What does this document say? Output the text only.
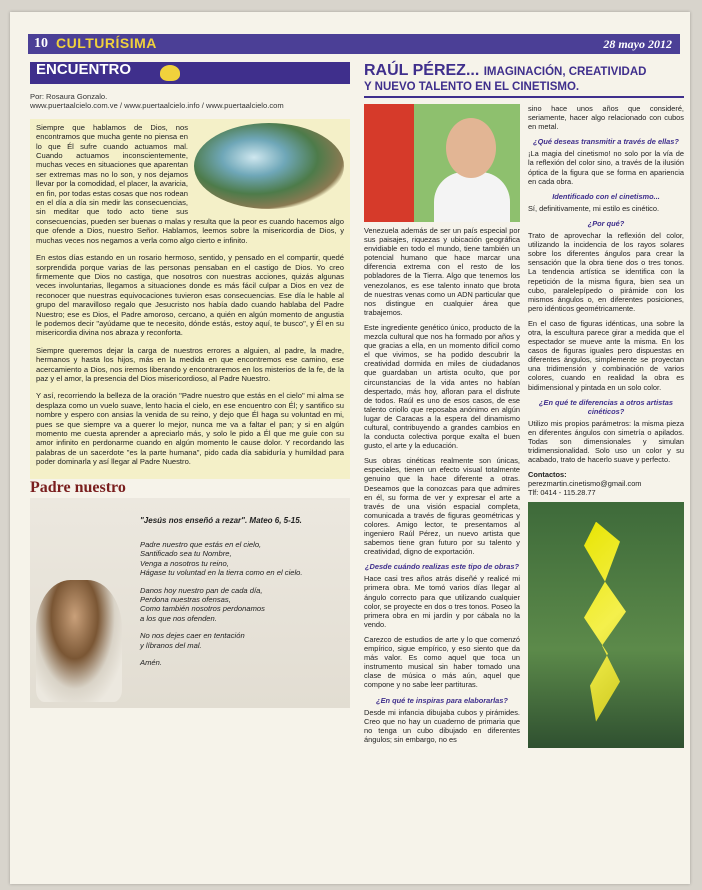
10 CULTURÍSIMA	28 mayo 2012
ENCUENTRO
Por: Rosaura Gonzalo.
www.puertaalcielo.com.ve / www.puertaalcielo.info / www.puertaalcielo.com

Siempre que hablamos de Dios, nos encontramos que mucha gente no piensa en lo que Él sufre cuando actuamos mal. Cuando actuamos inconscientemente, muchas veces en situaciones que aparentan ser extremas mas no lo son, y nos dejamos llevar por la comodidad, el placer, la avaricia, en fin, por todas estas cosas que nos rodean en el día a día sin medir las consecuencias, sin meditar que todo acto tiene sus consecuencias, pueden ser buenas o malas y resulta que la peor es cuando hacemos algo que ofende a Dios, nuestro Señor. Hablamos, leemos sobre la misericordia de Dios, y muchas veces nos negamos a verla como algo cierto e infinito.

En estos días estando en un rosario hermoso, sentido, y pensado en el compartir, quedé sorprendida porque varias de las personas pensaban en el castigo de Dios. Yo creo firmemente que Dios no castiga, que nosotros con nuestras acciones, quizás algunas veces involuntarias, llegamos a situaciones donde es más fácil culpar a Dios en vez de reconocer que nuestras equivocaciones tuvieron esas consecuencias. Ese día le hable al grupo del maravilloso regalo que Jesucristo nos había dado cuando hablaba del Padre Nuestro; ese es Dios, el Padre amoroso, cercano, a quién en algún momento de angustia le podemos decir "ayúdame que te necesito, dónde estás, estoy aquí, te busco", y Él en su misericordia divina nos abraza y reconforta.

Siempre queremos dejar la carga de nuestros errores a alguien, al padre, la madre, hermanos y hasta los hijos, más en la medida en que encontremos ese camino, ese acercamiento a Dios, nos iremos liberando y encontraremos en los misterios de la fe, de la paz y el amor, la presencia del Dios misericordioso, al Padre Nuestro.

Y así, recorriendo la belleza de la oración "Padre nuestro que estás en el cielo" mi alma se desplaza como un vuelo suave, lento hacia el cielo, en ese encuentro con Él; y santifico su nombre y espero con ansias la venida de su reino, y dejo que Él haga su voluntad en mi, pues se que siempre va a querer lo mejor, nunca me va a faltar el pan; y si en algún momento me cuesta aprender a apreciarlo más, y solo le pido a Él que me guíe con su amor infinito en perdonarme cuando en algún momento le cause dolor. Y recordando las palabras de un sacerdote "es la parte humana", pido cada día sabiduría y humildad para poder dominarla y así llegar al Padre Nuestro.

Padre nuestro
"Jesús nos enseñó a rezar". Mateo 6, 5-15.
Padre nuestro que estás en el cielo,
Santificado sea tu Nombre,
Venga a nosotros tu reino,
Hágase tu voluntad en la tierra como en el cielo.
Danos hoy nuestro pan de cada día,
Perdona nuestras ofensas,
Como también nosotros perdonamos
a los que nos ofenden.
No nos dejes caer en tentación
y líbranos del mal.
Amén.
RAÚL PÉREZ... IMAGINACIÓN, CREATIVIDAD
Y NUEVO TALENTO EN EL CINETISMO.

Venezuela además de ser un país especial por sus paisajes, riquezas y ubicación geográfica envidiable en todo el mundo, tiene también un potencial humano que hace marcar una diferencia extrema con el resto de los pobladores de la Tierra. Algo que tenemos los venezolanos, es ese talento innato que brota de nuestras venas como un ADN particular que nos distingue en cualquier área que trabajemos.

Este ingrediente genético único, producto de la mezcla cultural que nos ha formado por años y que gracias a ella, en un momento difícil como el que vivimos, se ha podido descubrir la creatividad dormida en miles de ciudadanos que guardaban un artista oculto, que por circunstancias de la vida antes no habían despertado, más hoy, afloran para el disfrute de todos. Raúl es uno de esos casos, de ese talento criollo que reposaba anónimo en algún lugar de Caracas a la espera del dinamismo cultural, contribuyendo a grandes cambios en la conducta colectiva porque exalta el buen gusto, el arte y la educación.

Sus obras cinéticas realmente son únicas, especiales, tienen un efecto visual totalmente genuino que la hace diferente a otras. Deseamos que la conozcas para que admires en él, su forma de ver y expresar el arte a través de una visión espacial completa, comunicada a través de figuras geométricas y colores. Amigo lector, te presentamos al ingeniero Raúl Pérez, un nuevo artista que sabemos tiene gran futuro por su talento y creatividad, digno de exportación.

¿Desde cuándo realizas este tipo de obras?

Hace casi tres años atrás diseñé y realicé mi primera obra. Me tomó varios días llegar al ángulo correcto para que utilizando cualquier color, se proyecte en dos o tres tonos. Poseo la primera obra en mi jardín y por cábala no la vendo.

Carezco de estudios de arte y lo que comenzó empírico, sigue empírico, y eso siento que da más valor. Es como aquel que toca un instrumento musical sin haber tomado una clase de música o más aún, aquel que compone y no sabe leer partituras.

¿En qué te inspiras para elaborarlas?

Desde mi infancia dibujaba cubos y pirámides. Creo que no hay un cuaderno de primaria que no tenga un cubo dibujado en diferentes ángulos; sin embargo, no es

sino hace unos años que consideré, seriamente, hacer algo relacionado con cubos en metal.

¿Qué deseas transmitir a través de ellas?

¡La magia del cinetismo! no solo por la vía de la reflexión del color sino, a través de la ilusión óptica de la figura que se forma en apariencia en cada obra.

Identificado con el cinetismo...

Sí, definitivamente, mi estilo es cinético.

¿Por qué?

Trato de aprovechar la reflexión del color, utilizando la incidencia de los rayos solares sobre los diferentes ángulos para crear la sensación que la obra tiene dos o tres tonos. La tendencia artística se identifica con la repetición de la misma figura, bien sea un cubo, paralelepípedo o pirámide con los mismos ángulos o, en diferentes posiciones, pero idénticos geométricamente.

En el caso de figuras idénticas, una sobre la otra, la escultura parece girar a medida que el espectador se mueve ante la misma. En los casos de figuras iguales pero dispuestas en diferentes ángulos, simplemente se proyectan una tridimensión y combinación de varios colores, cuando en realidad la obra es bidimensional y pintada en un solo color.

¿En qué te diferencias a otros artistas cinéticos?

Utilizo mis propios parámetros: la misma pieza en diferentes ángulos con simetría o apilados. Todas son dimensionales y simulan tridimensionalidad. Solo uso un color y su acabado, trato de hacerlo suave y perfecto.

Contactos:
perezmartin.cinetismo@gmail.com
Tlf: 0414 - 115.28.77
